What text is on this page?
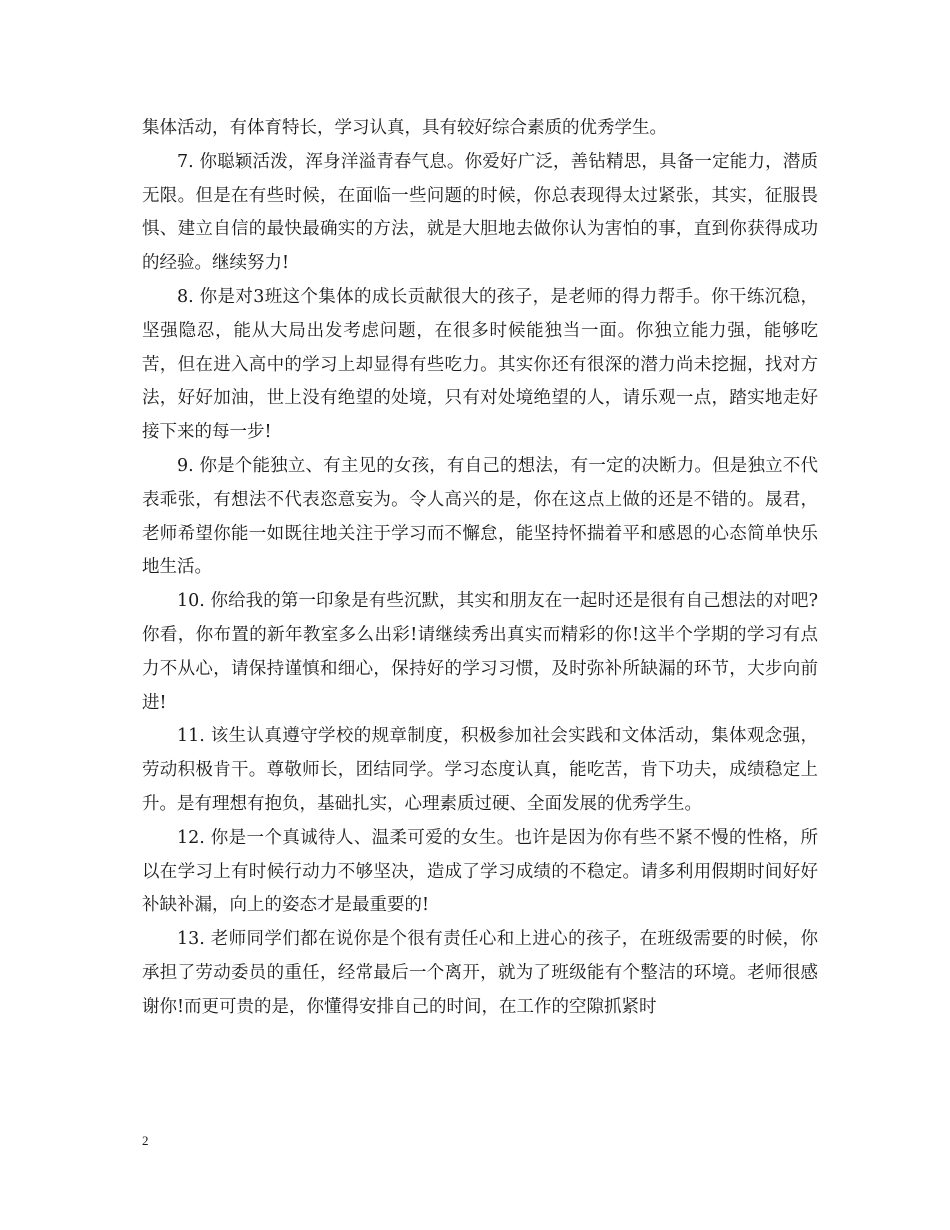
集体活动，有体育特长，学习认真，具有较好综合素质的优秀学生。

7. 你聪颖活泼，浑身洋溢青春气息。你爱好广泛，善钻精思，具备一定能力，潜质无限。但是在有些时候，在面临一些问题的时候，你总表现得太过紧张，其实，征服畏惧、建立自信的最快最确实的方法，就是大胆地去做你认为害怕的事，直到你获得成功的经验。继续努力!

8. 你是对3班这个集体的成长贡献很大的孩子，是老师的得力帮手。你干练沉稳，坚强隐忍，能从大局出发考虑问题，在很多时候能独当一面。你独立能力强，能够吃苦，但在进入高中的学习上却显得有些吃力。其实你还有很深的潜力尚未挖掘，找对方法，好好加油，世上没有绝望的处境，只有对处境绝望的人，请乐观一点，踏实地走好接下来的每一步!

9. 你是个能独立、有主见的女孩，有自己的想法，有一定的决断力。但是独立不代表乖张，有想法不代表恣意妄为。令人高兴的是，你在这点上做的还是不错的。晟君，老师希望你能一如既往地关注于学习而不懈怠，能坚持怀揣着平和感恩的心态简单快乐地生活。

10. 你给我的第一印象是有些沉默，其实和朋友在一起时还是很有自己想法的对吧?你看，你布置的新年教室多么出彩!请继续秀出真实而精彩的你!这半个学期的学习有点力不从心，请保持谨慎和细心，保持好的学习习惯，及时弥补所缺漏的环节，大步向前进!

11. 该生认真遵守学校的规章制度，积极参加社会实践和文体活动，集体观念强，劳动积极肯干。尊敬师长，团结同学。学习态度认真，能吃苦，肯下功夫，成绩稳定上升。是有理想有抱负，基础扎实，心理素质过硬、全面发展的优秀学生。

12. 你是一个真诚待人、温柔可爱的女生。也许是因为你有些不紧不慢的性格，所以在学习上有时候行动力不够坚决，造成了学习成绩的不稳定。请多利用假期时间好好补缺补漏，向上的姿态才是最重要的!

13. 老师同学们都在说你是个很有责任心和上进心的孩子，在班级需要的时候，你承担了劳动委员的重任，经常最后一个离开，就为了班级能有个整洁的环境。老师很感谢你!而更可贵的是，你懂得安排自己的时间，在工作的空隙抓紧时

2
